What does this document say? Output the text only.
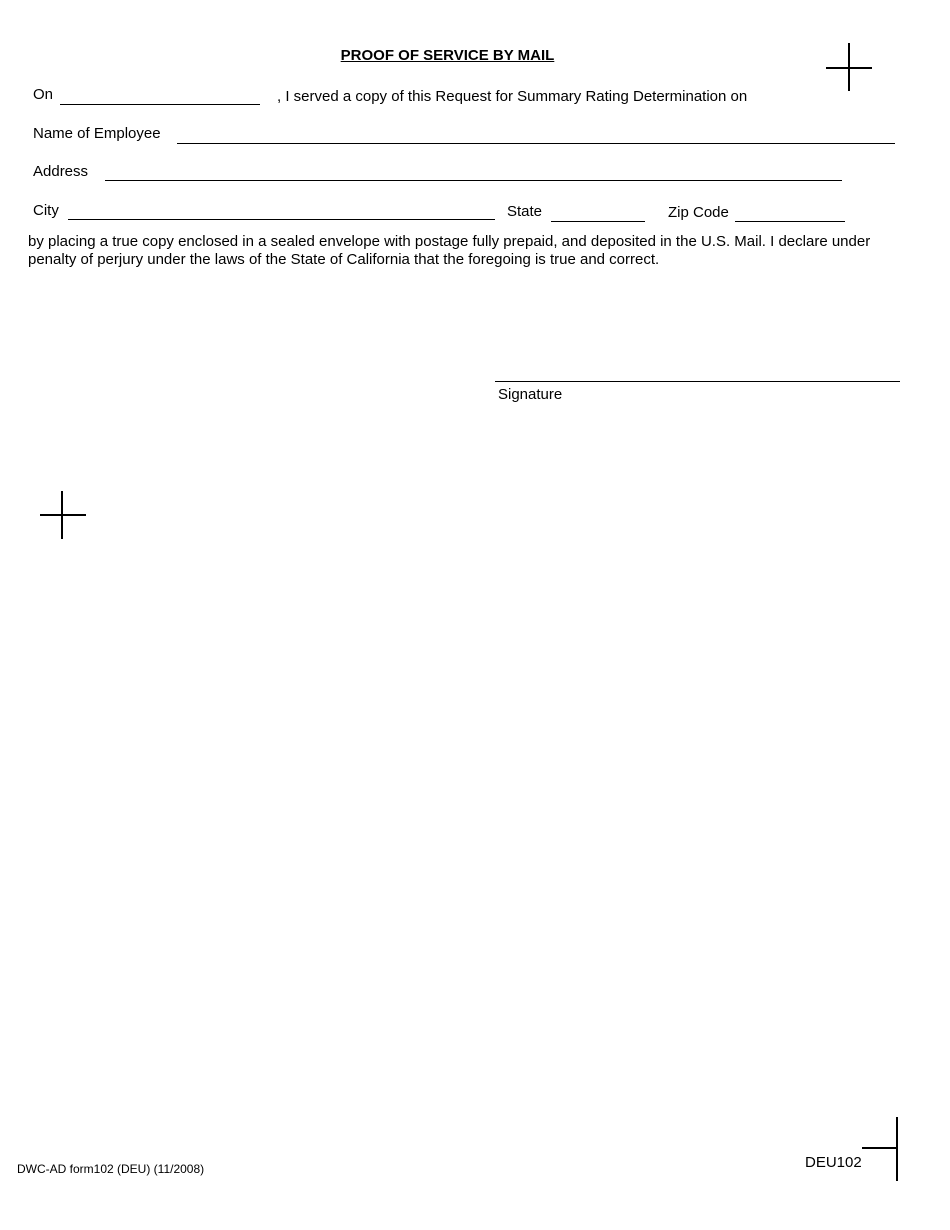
PROOF OF SERVICE BY MAIL
On	, I served a copy of this Request for Summary Rating Determination on
Name of Employee
Address
City	State	Zip Code
by placing a true copy enclosed in a sealed envelope with postage fully prepaid, and deposited in the U.S. Mail. I declare under penalty of perjury under the laws of the State of California that the foregoing is true and correct.
Signature
DWC-AD form102 (DEU) (11/2008)	DEU102
